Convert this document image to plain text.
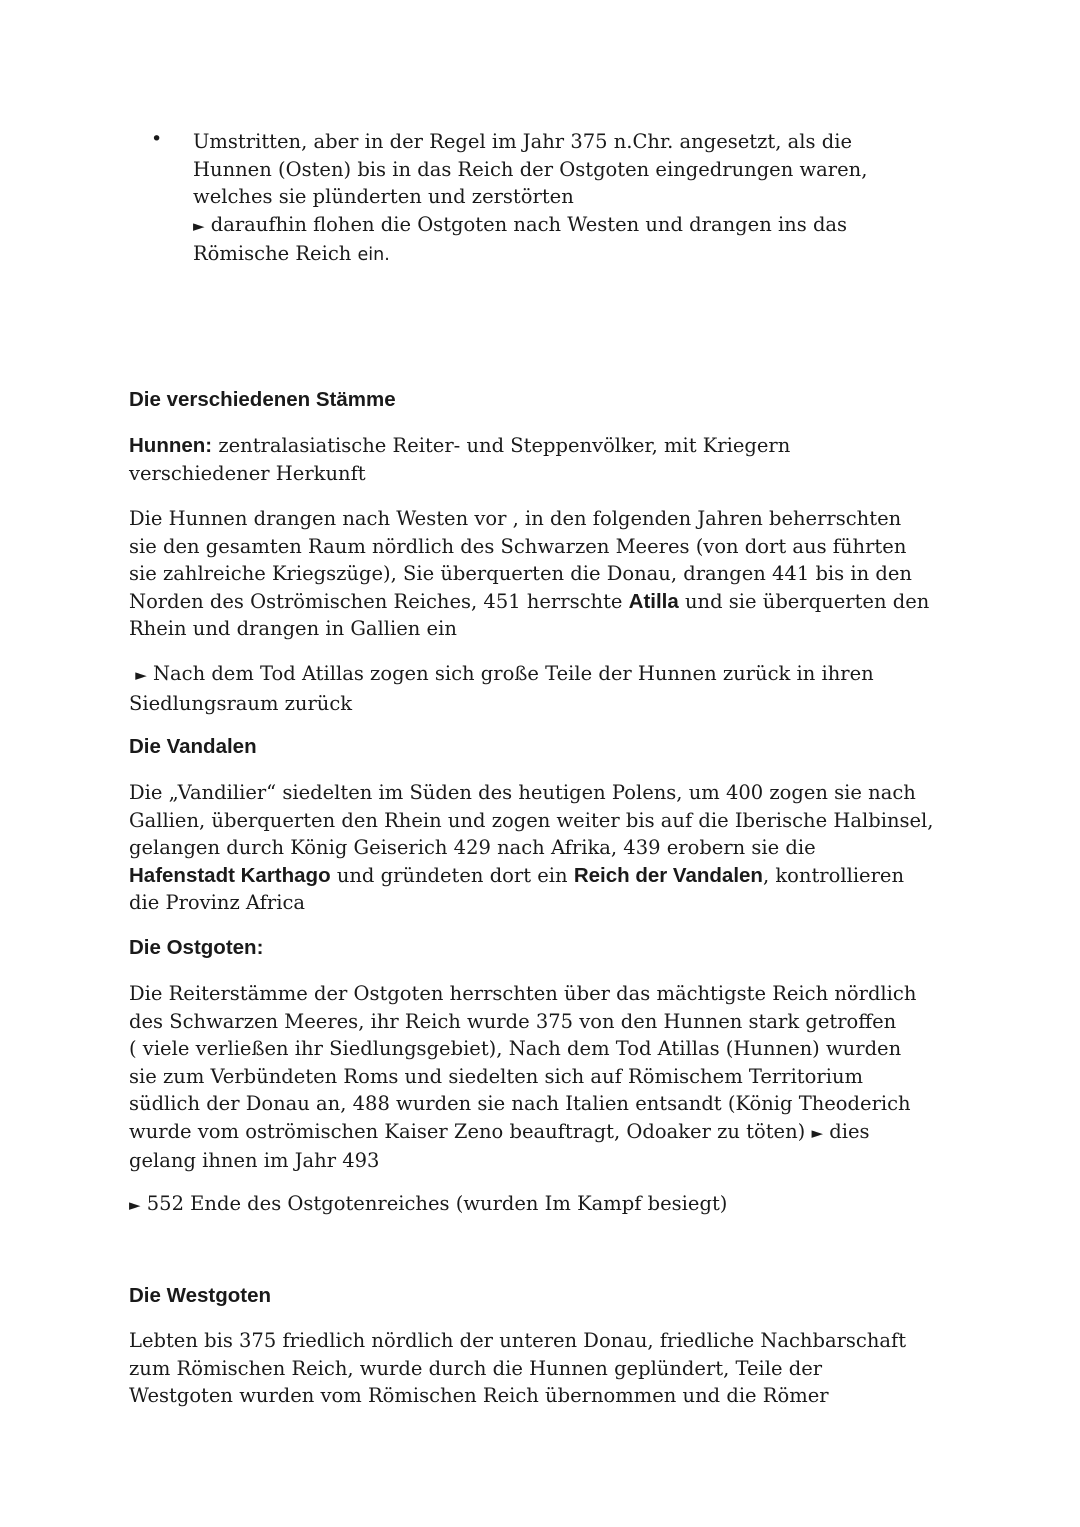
• Umstritten, aber in der Regel im Jahr 375 n.Chr. angesetzt, als die

Hunnen (Osten) bis in das Reich der Ostgoten eingedrungen waren,

welches sie plünderten und zerstörten

► daraufhin flohen die Ostgoten nach Westen und drangen ins das

Römische Reich ein.

Die verschiedenen Stämme

Hunnen: zentralasiatische Reiter- und Steppenvölker, mit Kriegern

verschiedener Herkunft

Die Hunnen drangen nach Westen vor , in den folgenden Jahren beherrschten

sie den gesamten Raum nördlich des Schwarzen Meeres (von dort aus führten

sie zahlreiche Kriegszüge), Sie überquerten die Donau, drangen 441 bis in den

Norden des Oströmischen Reiches, 451 herrschte Atilla und sie überquerten den

Rhein und drangen in Gallien ein

► Nach dem Tod Atillas zogen sich große Teile der Hunnen zurück in ihren

Siedlungsraum zurück

Die Vandalen

Die „Vandilier“ siedelten im Süden des heutigen Polens, um 400 zogen sie nach

Gallien, überquerten den Rhein und zogen weiter bis auf die Iberische Halbinsel,

gelangen durch König Geiserich 429 nach Afrika, 439 erobern sie die

Hafenstadt Karthago und gründeten dort ein Reich der Vandalen, kontrollieren

die Provinz Africa

Die Ostgoten:

Die Reiterstämme der Ostgoten herrschten über das mächtigste Reich nördlich

des Schwarzen Meeres, ihr Reich wurde 375 von den Hunnen stark getroffen

( viele verließen ihr Siedlungsgebiet), Nach dem Tod Atillas (Hunnen) wurden

sie zum Verbündeten Roms und siedelten sich auf Römischem Territorium

südlich der Donau an, 488 wurden sie nach Italien entsandt (König Theoderich

wurde vom oströmischen Kaiser Zeno beauftragt, Odoaker zu töten) ► dies

gelang ihnen im Jahr 493

► 552 Ende des Ostgotenreiches (wurden Im Kampf besiegt)

Die Westgoten

Lebten bis 375 friedlich nördlich der unteren Donau, friedliche Nachbarschaft

zum Römischen Reich, wurde durch die Hunnen geplündert, Teile der

Westgoten wurden vom Römischen Reich übernommen und die Römer
